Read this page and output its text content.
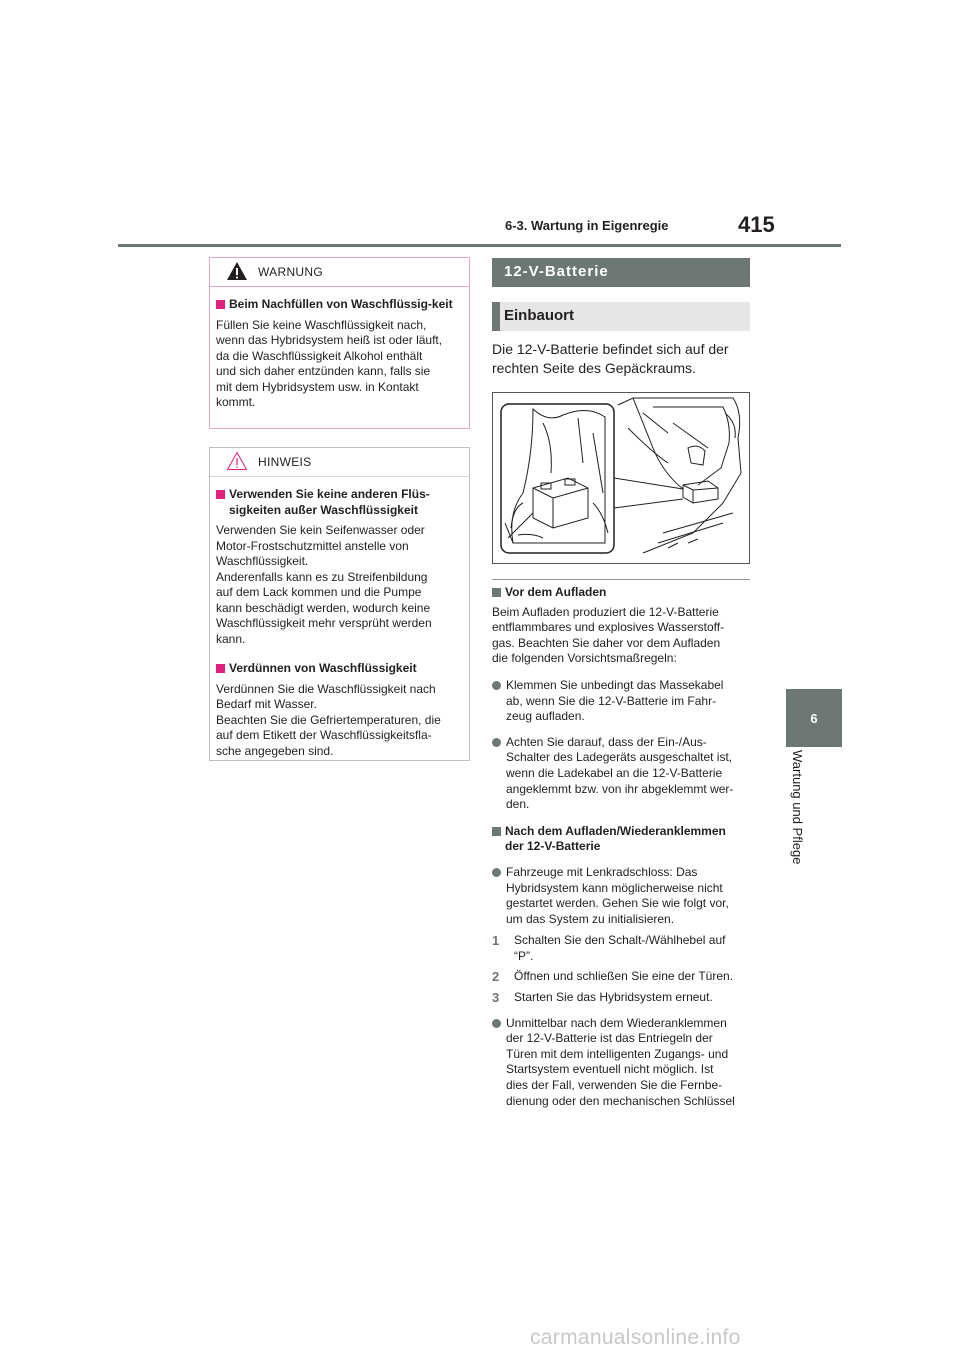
6-3. Wartung in Eigenregie	415
6
Wartung und Pflege
WARNUNG
Beim Nachfüllen von Waschflüssig-keit

Füllen Sie keine Waschflüssigkeit nach,

wenn das Hybridsystem heiß ist oder läuft,

da die Waschflüssigkeit Alkohol enthält

und sich daher entzünden kann, falls sie

mit dem Hybridsystem usw. in Kontakt

kommt.

HINWEIS
Verwenden Sie keine anderen Flüs-sigkeiten außer Waschflüssigkeit

Verwenden Sie kein Seifenwasser oder

Motor-Frostschutzmittel anstelle von

Waschflüssigkeit.

Anderenfalls kann es zu Streifenbildung

auf dem Lack kommen und die Pumpe

kann beschädigt werden, wodurch keine

Waschflüssigkeit mehr versprüht werden

kann.

Verdünnen von Waschflüssigkeit

Verdünnen Sie die Waschflüssigkeit nach

Bedarf mit Wasser.

Beachten Sie die Gefriertemperaturen, die

auf dem Etikett der Waschflüssigkeitsfla-

sche angegeben sind.

12-V-Batterie
Einbauort
Die 12-V-Batterie befindet sich auf der
rechten Seite des Gepäckraums.
Vor dem Aufladen
Beim Aufladen produziert die 12-V-Batterie
entflammbares und explosives Wasserstoff-
gas. Beachten Sie daher vor dem Aufladen
die folgenden Vorsichtsmaßregeln:
Klemmen Sie unbedingt das Massekabel
ab, wenn Sie die 12-V-Batterie im Fahr-
zeug aufladen.
Achten Sie darauf, dass der Ein-/Aus-
Schalter des Ladegeräts ausgeschaltet ist,
wenn die Ladekabel an die 12-V-Batterie
angeklemmt bzw. von ihr abgeklemmt wer-
den.
Nach dem Aufladen/Wiederanklemmen
der 12-V-Batterie
Fahrzeuge mit Lenkradschloss: Das
Hybridsystem kann möglicherweise nicht
gestartet werden. Gehen Sie wie folgt vor,
um das System zu initialisieren.
1 Schalten Sie den Schalt-/Wählhebel auf
“P”.
2 Öffnen und schließen Sie eine der Türen.
3 Starten Sie das Hybridsystem erneut.
Unmittelbar nach dem Wiederanklemmen
der 12-V-Batterie ist das Entriegeln der
Türen mit dem intelligenten Zugangs- und
Startsystem eventuell nicht möglich. Ist
dies der Fall, verwenden Sie die Fernbe-
dienung oder den mechanischen Schlüssel
carmanualsonline.info
